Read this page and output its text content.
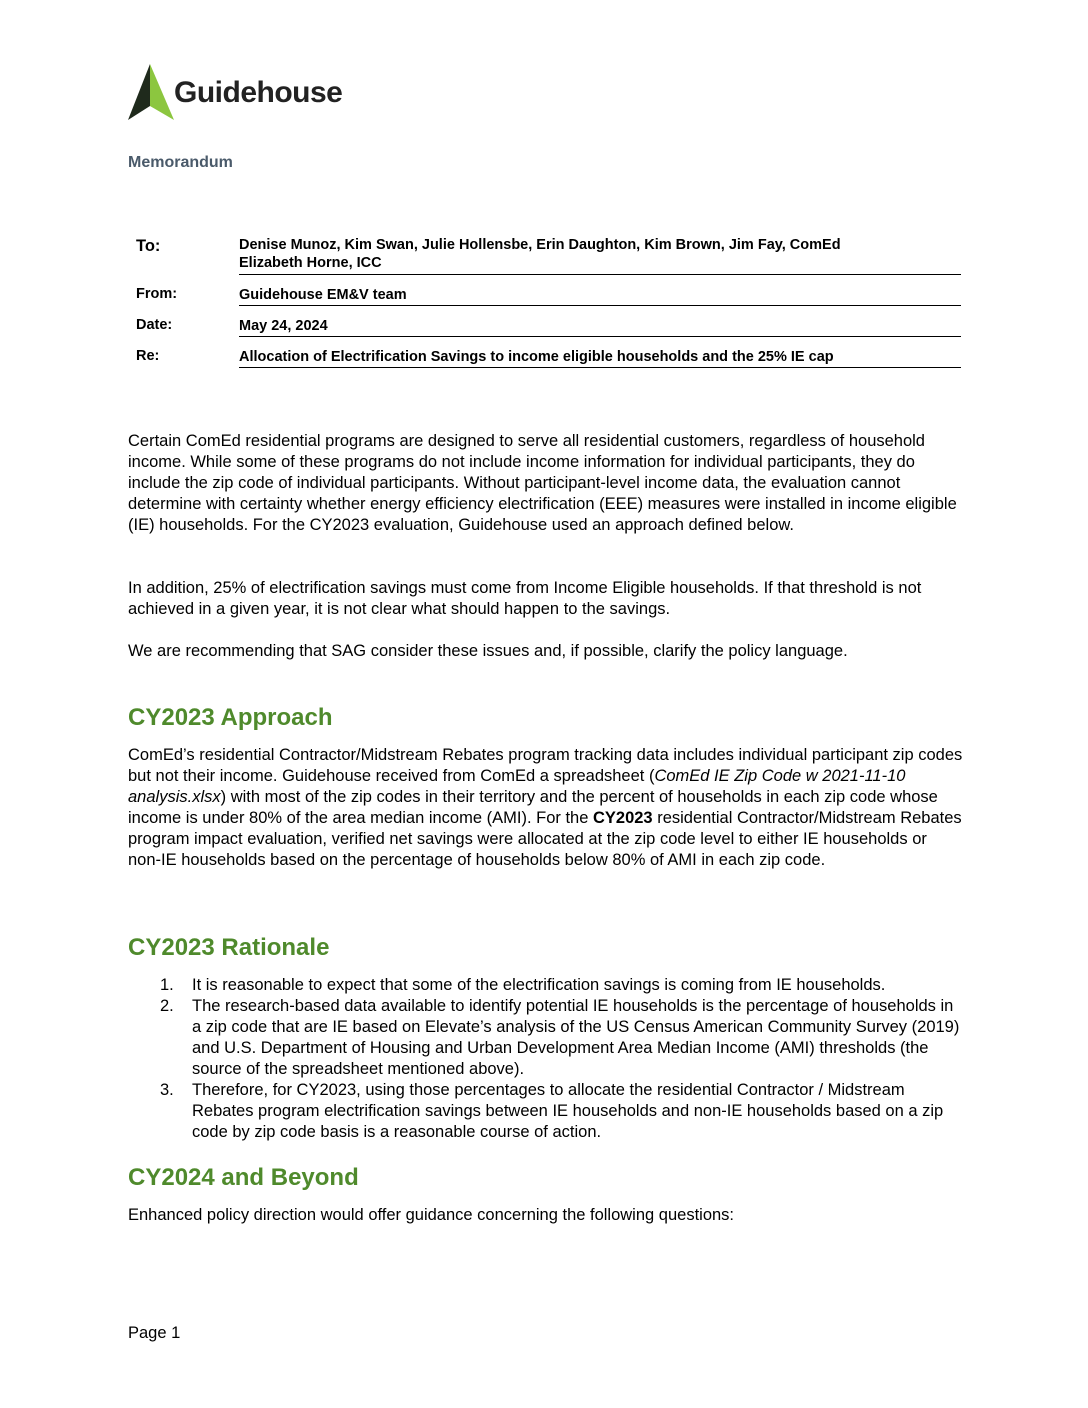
Guidehouse
Memorandum
To:	Denise Munoz, Kim Swan, Julie Hollensbe, Erin Daughton, Kim Brown, Jim Fay, ComEd
Elizabeth Horne, ICC
From:	Guidehouse EM&V team
Date:	May 24, 2024
Re:	Allocation of Electrification Savings to income eligible households and the 25% IE cap

Certain ComEd residential programs are designed to serve all residential customers, regardless of household income. While some of these programs do not include income information for individual participants, they do include the zip code of individual participants. Without participant-level income data, the evaluation cannot determine with certainty whether energy efficiency electrification (EEE) measures were installed in income eligible (IE) households. For the CY2023 evaluation, Guidehouse used an approach defined below.

In addition, 25% of electrification savings must come from Income Eligible households. If that threshold is not achieved in a given year, it is not clear what should happen to the savings.

We are recommending that SAG consider these issues and, if possible, clarify the policy language.

CY2023 Approach

ComEd’s residential Contractor/Midstream Rebates program tracking data includes individual participant zip codes but not their income. Guidehouse received from ComEd a spreadsheet (ComEd IE Zip Code w 2021-11-10 analysis.xlsx) with most of the zip codes in their territory and the percent of households in each zip code whose income is under 80% of the area median income (AMI). For the CY2023 residential Contractor/Midstream Rebates program impact evaluation, verified net savings were allocated at the zip code level to either IE households or non-IE households based on the percentage of households below 80% of AMI in each zip code.

CY2023 Rationale
1. It is reasonable to expect that some of the electrification savings is coming from IE households.
2. The research-based data available to identify potential IE households is the percentage of households in a zip code that are IE based on Elevate’s analysis of the US Census American Community Survey (2019) and U.S. Department of Housing and Urban Development Area Median Income (AMI) thresholds (the source of the spreadsheet mentioned above).
3. Therefore, for CY2023, using those percentages to allocate the residential Contractor / Midstream Rebates program electrification savings between IE households and non-IE households based on a zip code by zip code basis is a reasonable course of action.
CY2024 and Beyond

Enhanced policy direction would offer guidance concerning the following questions:

Page 1
